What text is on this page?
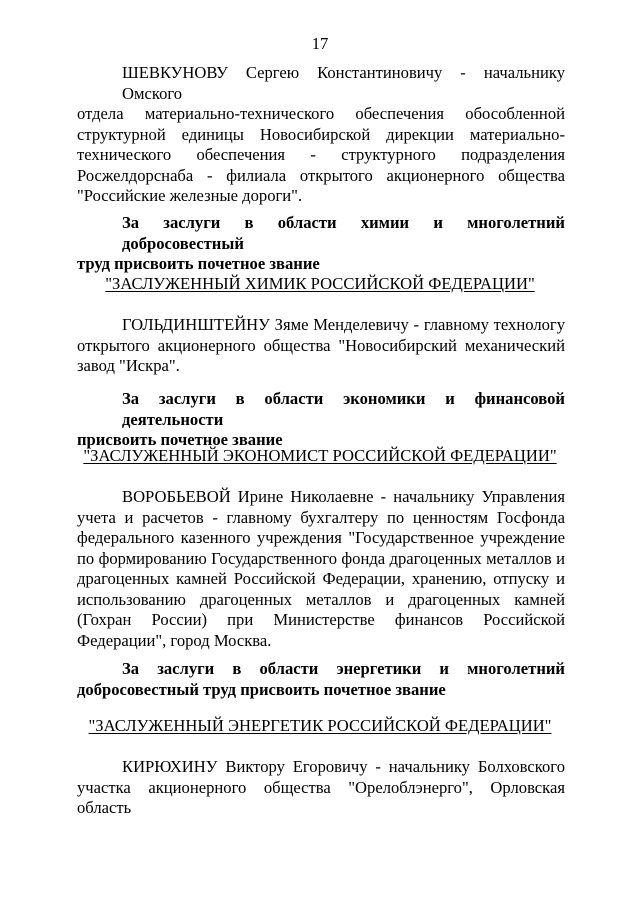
17
ШЕВКУНОВУ Сергею Константиновичу - начальнику Омского
отдела материально-технического обеспечения обособленной
структурной единицы Новосибирской дирекции материально-
технического обеспечения - структурного подразделения
Росжелдорснаба - филиала открытого акционерного общества
"Российские железные дороги".
За заслуги в области химии и многолетний добросовестный
труд присвоить почетное звание
"ЗАСЛУЖЕННЫЙ ХИМИК РОССИЙСКОЙ ФЕДЕРАЦИИ"
ГОЛЬДИНШТЕЙНУ Зяме Менделевичу - главному технологу
открытого акционерного общества "Новосибирский механический
завод "Искра".
За заслуги в области экономики и финансовой деятельности
присвоить почетное звание
"ЗАСЛУЖЕННЫЙ ЭКОНОМИСТ РОССИЙСКОЙ ФЕДЕРАЦИИ"
ВОРОБЬЕВОЙ Ирине Николаевне - начальнику Управления
учета и расчетов - главному бухгалтеру по ценностям Госфонда
федерального казенного учреждения "Государственное учреждение
по формированию Государственного фонда драгоценных металлов и
драгоценных камней Российской Федерации, хранению, отпуску и
использованию драгоценных металлов и драгоценных камней
(Гохран России) при Министерстве финансов Российской
Федерации", город Москва.
За заслуги в области энергетики и многолетний
добросовестный труд присвоить почетное звание
"ЗАСЛУЖЕННЫЙ ЭНЕРГЕТИК РОССИЙСКОЙ ФЕДЕРАЦИИ"
КИРЮХИНУ Виктору Егоровичу - начальнику Болховского
участка акционерного общества "Орелоблэнерго", Орловская область
